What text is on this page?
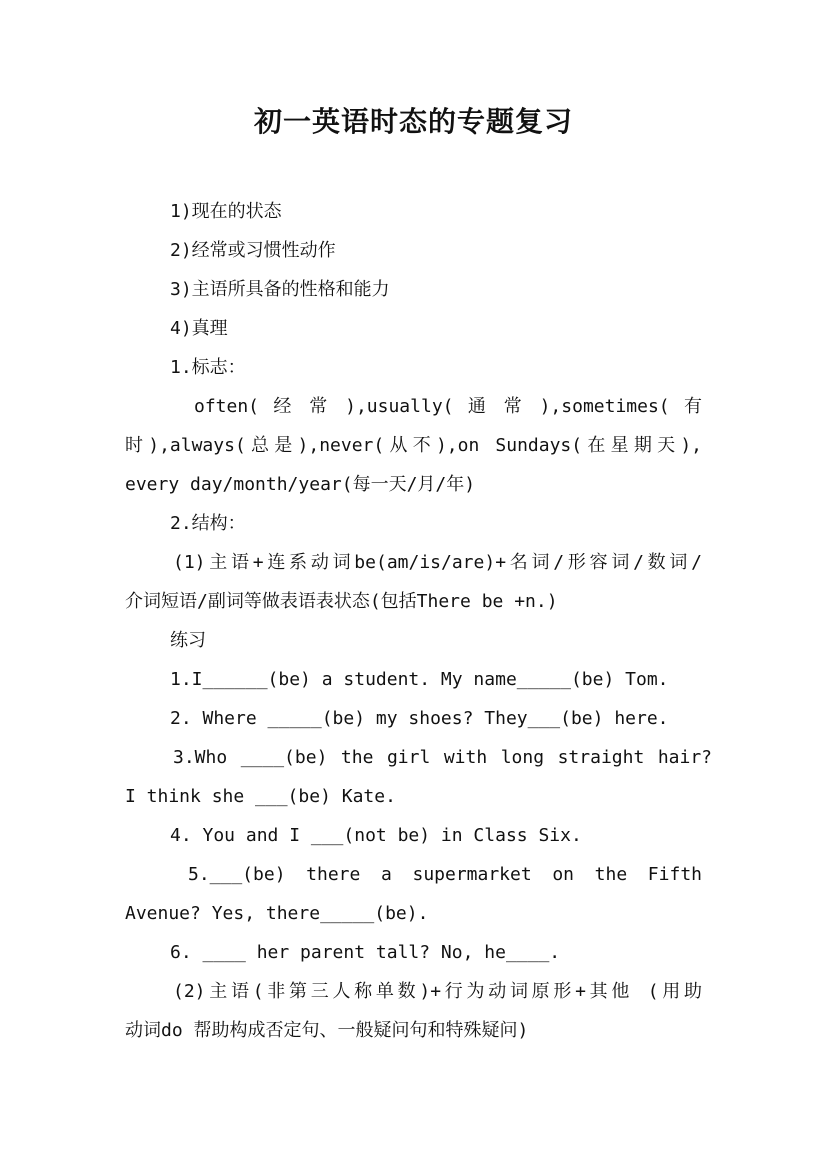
初一英语时态的专题复习

1)现在的状态

2)经常或习惯性动作

3)主语所具备的性格和能力

4)真理

1.标志：

often( 经 常 ),usually( 通 常 ),sometimes( 有

时),always(总是),never(从不),on Sundays(在星期天),

every day/month/year(每一天/月/年)

2.结构：

(1)主语+连系动词be(am/is/are)+名词/形容词/数词/

介词短语/副词等做表语表状态(包括There be +n.)

练习

1.I______(be) a student. My name_____(be) Tom.

2. Where _____(be) my shoes? They___(be) here.

3.Who ____(be) the girl with long straight hair?

I think she ___(be) Kate.

4. You and I ___(not be) in Class Six.

5.___(be) there a supermarket on the Fifth

Avenue? Yes, there_____(be).

6. ____ her parent tall? No, he____.

(2)主语(非第三人称单数)+行为动词原形+其他 (用助

动词do 帮助构成否定句、一般疑问句和特殊疑问)
